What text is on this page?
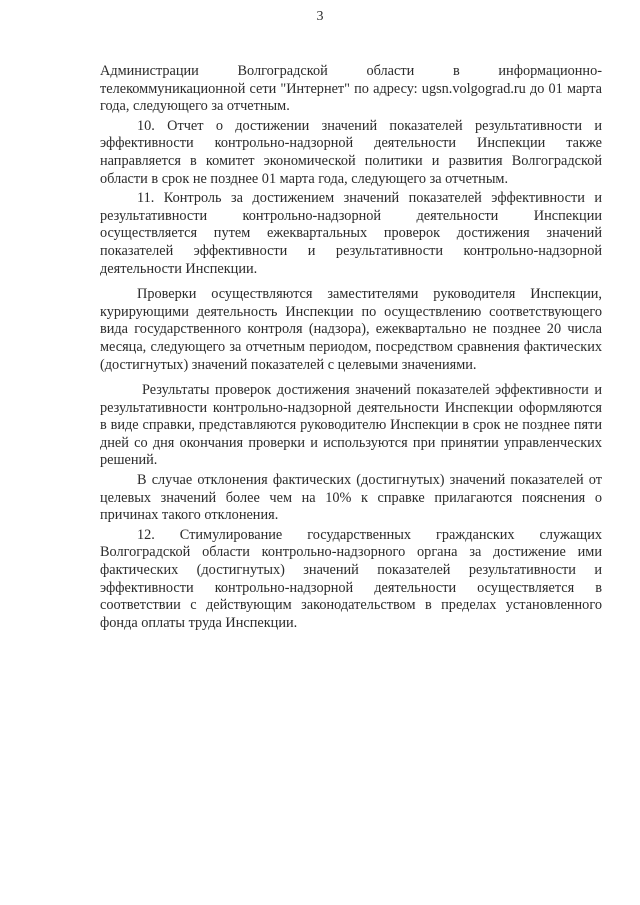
3

Администрации Волгоградской области в информационно-телекоммуникационной сети "Интернет" по адресу: ugsn.volgograd.ru до 01 марта года, следующего за отчетным.

10. Отчет о достижении значений показателей результативности и эффективности контрольно-надзорной деятельности Инспекции также направляется в комитет экономической политики и развития Волгоградской области в срок не позднее 01 марта года, следующего за отчетным.

11. Контроль за достижением значений показателей эффективности и результативности контрольно-надзорной деятельности Инспекции осуществляется путем ежеквартальных проверок достижения значений показателей эффективности и результативности контрольно-надзорной деятельности Инспекции.

Проверки осуществляются заместителями руководителя Инспекции, курирующими деятельность Инспекции по осуществлению соответствующего вида государственного контроля (надзора), ежеквартально не позднее 20 числа месяца, следующего за отчетным периодом, посредством сравнения фактических (достигнутых) значений показателей с целевыми значениями.

Результаты проверок достижения значений показателей эффективности и результативности контрольно-надзорной деятельности Инспекции оформляются в виде справки, представляются руководителю Инспекции в срок не позднее пяти дней со дня окончания проверки и используются при принятии управленческих решений.

В случае отклонения фактических (достигнутых) значений показателей от целевых значений более чем на 10% к справке прилагаются пояснения о причинах такого отклонения.

12. Стимулирование государственных гражданских служащих Волгоградской области контрольно-надзорного органа за достижение ими фактических (достигнутых) значений показателей результативности и эффективности контрольно-надзорной деятельности осуществляется в соответствии с действующим законодательством в пределах установленного фонда оплаты труда Инспекции.
